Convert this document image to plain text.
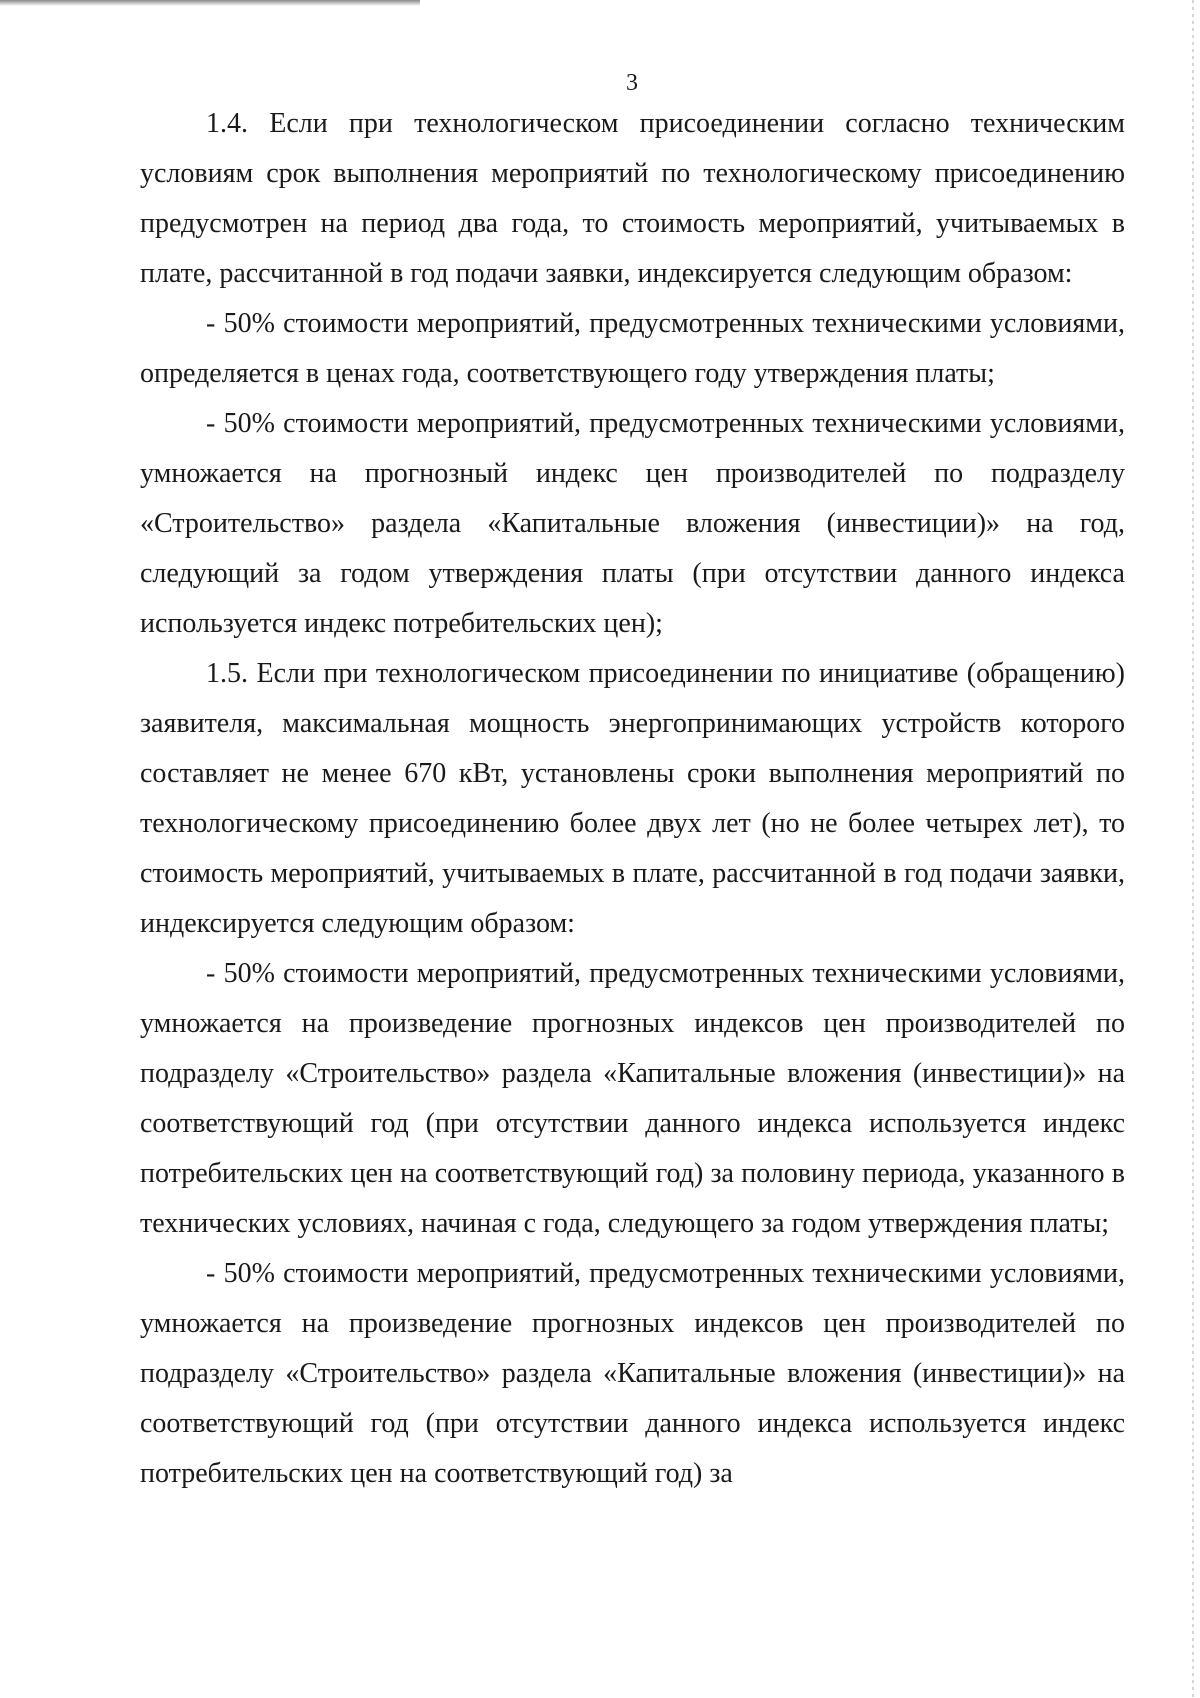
3

1.4. Если при технологическом присоединении согласно техническим условиям срок выполнения мероприятий по технологическому присоединению предусмотрен на период два года, то стоимость мероприятий, учитываемых в плате, рассчитанной в год подачи заявки, индексируется следующим образом:

- 50% стоимости мероприятий, предусмотренных техническими условиями, определяется в ценах года, соответствующего году утверждения платы;

- 50% стоимости мероприятий, предусмотренных техническими условиями, умножается на прогнозный индекс цен производителей по подразделу «Строительство» раздела «Капитальные вложения (инвестиции)» на год, следующий за годом утверждения платы (при отсутствии данного индекса используется индекс потребительских цен);

1.5. Если при технологическом присоединении по инициативе (обращению) заявителя, максимальная мощность энергопринимающих устройств которого составляет не менее 670 кВт, установлены сроки выполнения мероприятий по технологическому присоединению более двух лет (но не более четырех лет), то стоимость мероприятий, учитываемых в плате, рассчитанной в год подачи заявки, индексируется следующим образом:

- 50% стоимости мероприятий, предусмотренных техническими условиями, умножается на произведение прогнозных индексов цен производителей по подразделу «Строительство» раздела «Капитальные вложения (инвестиции)» на соответствующий год (при отсутствии данного индекса используется индекс потребительских цен на соответствующий год) за половину периода, указанного в технических условиях, начиная с года, следующего за годом утверждения платы;

- 50% стоимости мероприятий, предусмотренных техническими условиями, умножается на произведение прогнозных индексов цен производителей по подразделу «Строительство» раздела «Капитальные вложения (инвестиции)» на соответствующий год (при отсутствии данного индекса используется индекс потребительских цен на соответствующий год) за
